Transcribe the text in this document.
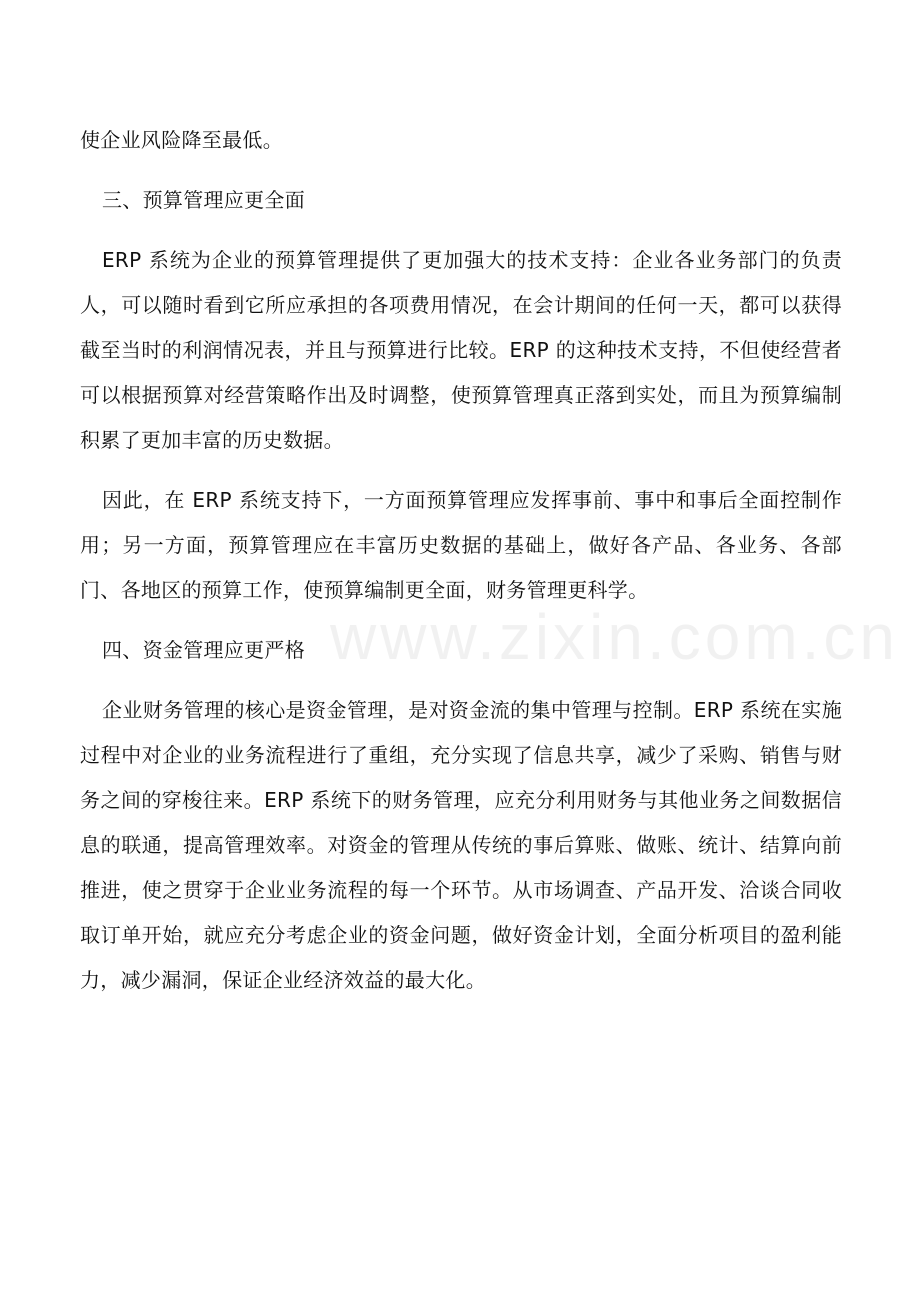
使企业风险降至最低。

三、预算管理应更全面

ERP 系统为企业的预算管理提供了更加强大的技术支持：企业各业务部门的负责人，可以随时看到它所应承担的各项费用情况，在会计期间的任何一天，都可以获得截至当时的利润情况表，并且与预算进行比较。ERP 的这种技术支持，不但使经营者可以根据预算对经营策略作出及时调整，使预算管理真正落到实处，而且为预算编制积累了更加丰富的历史数据。

因此，在 ERP 系统支持下，一方面预算管理应发挥事前、事中和事后全面控制作用；另一方面，预算管理应在丰富历史数据的基础上，做好各产品、各业务、各部门、各地区的预算工作，使预算编制更全面，财务管理更科学。

四、资金管理应更严格

企业财务管理的核心是资金管理，是对资金流的集中管理与控制。ERP 系统在实施过程中对企业的业务流程进行了重组，充分实现了信息共享，减少了采购、销售与财务之间的穿梭往来。ERP 系统下的财务管理，应充分利用财务与其他业务之间数据信息的联通，提高管理效率。对资金的管理从传统的事后算账、做账、统计、结算向前推进，使之贯穿于企业业务流程的每一个环节。从市场调查、产品开发、洽谈合同收取订单开始，就应充分考虑企业的资金问题，做好资金计划，全面分析项目的盈利能力，减少漏洞，保证企业经济效益的最大化。

www.zixin.com.cn
